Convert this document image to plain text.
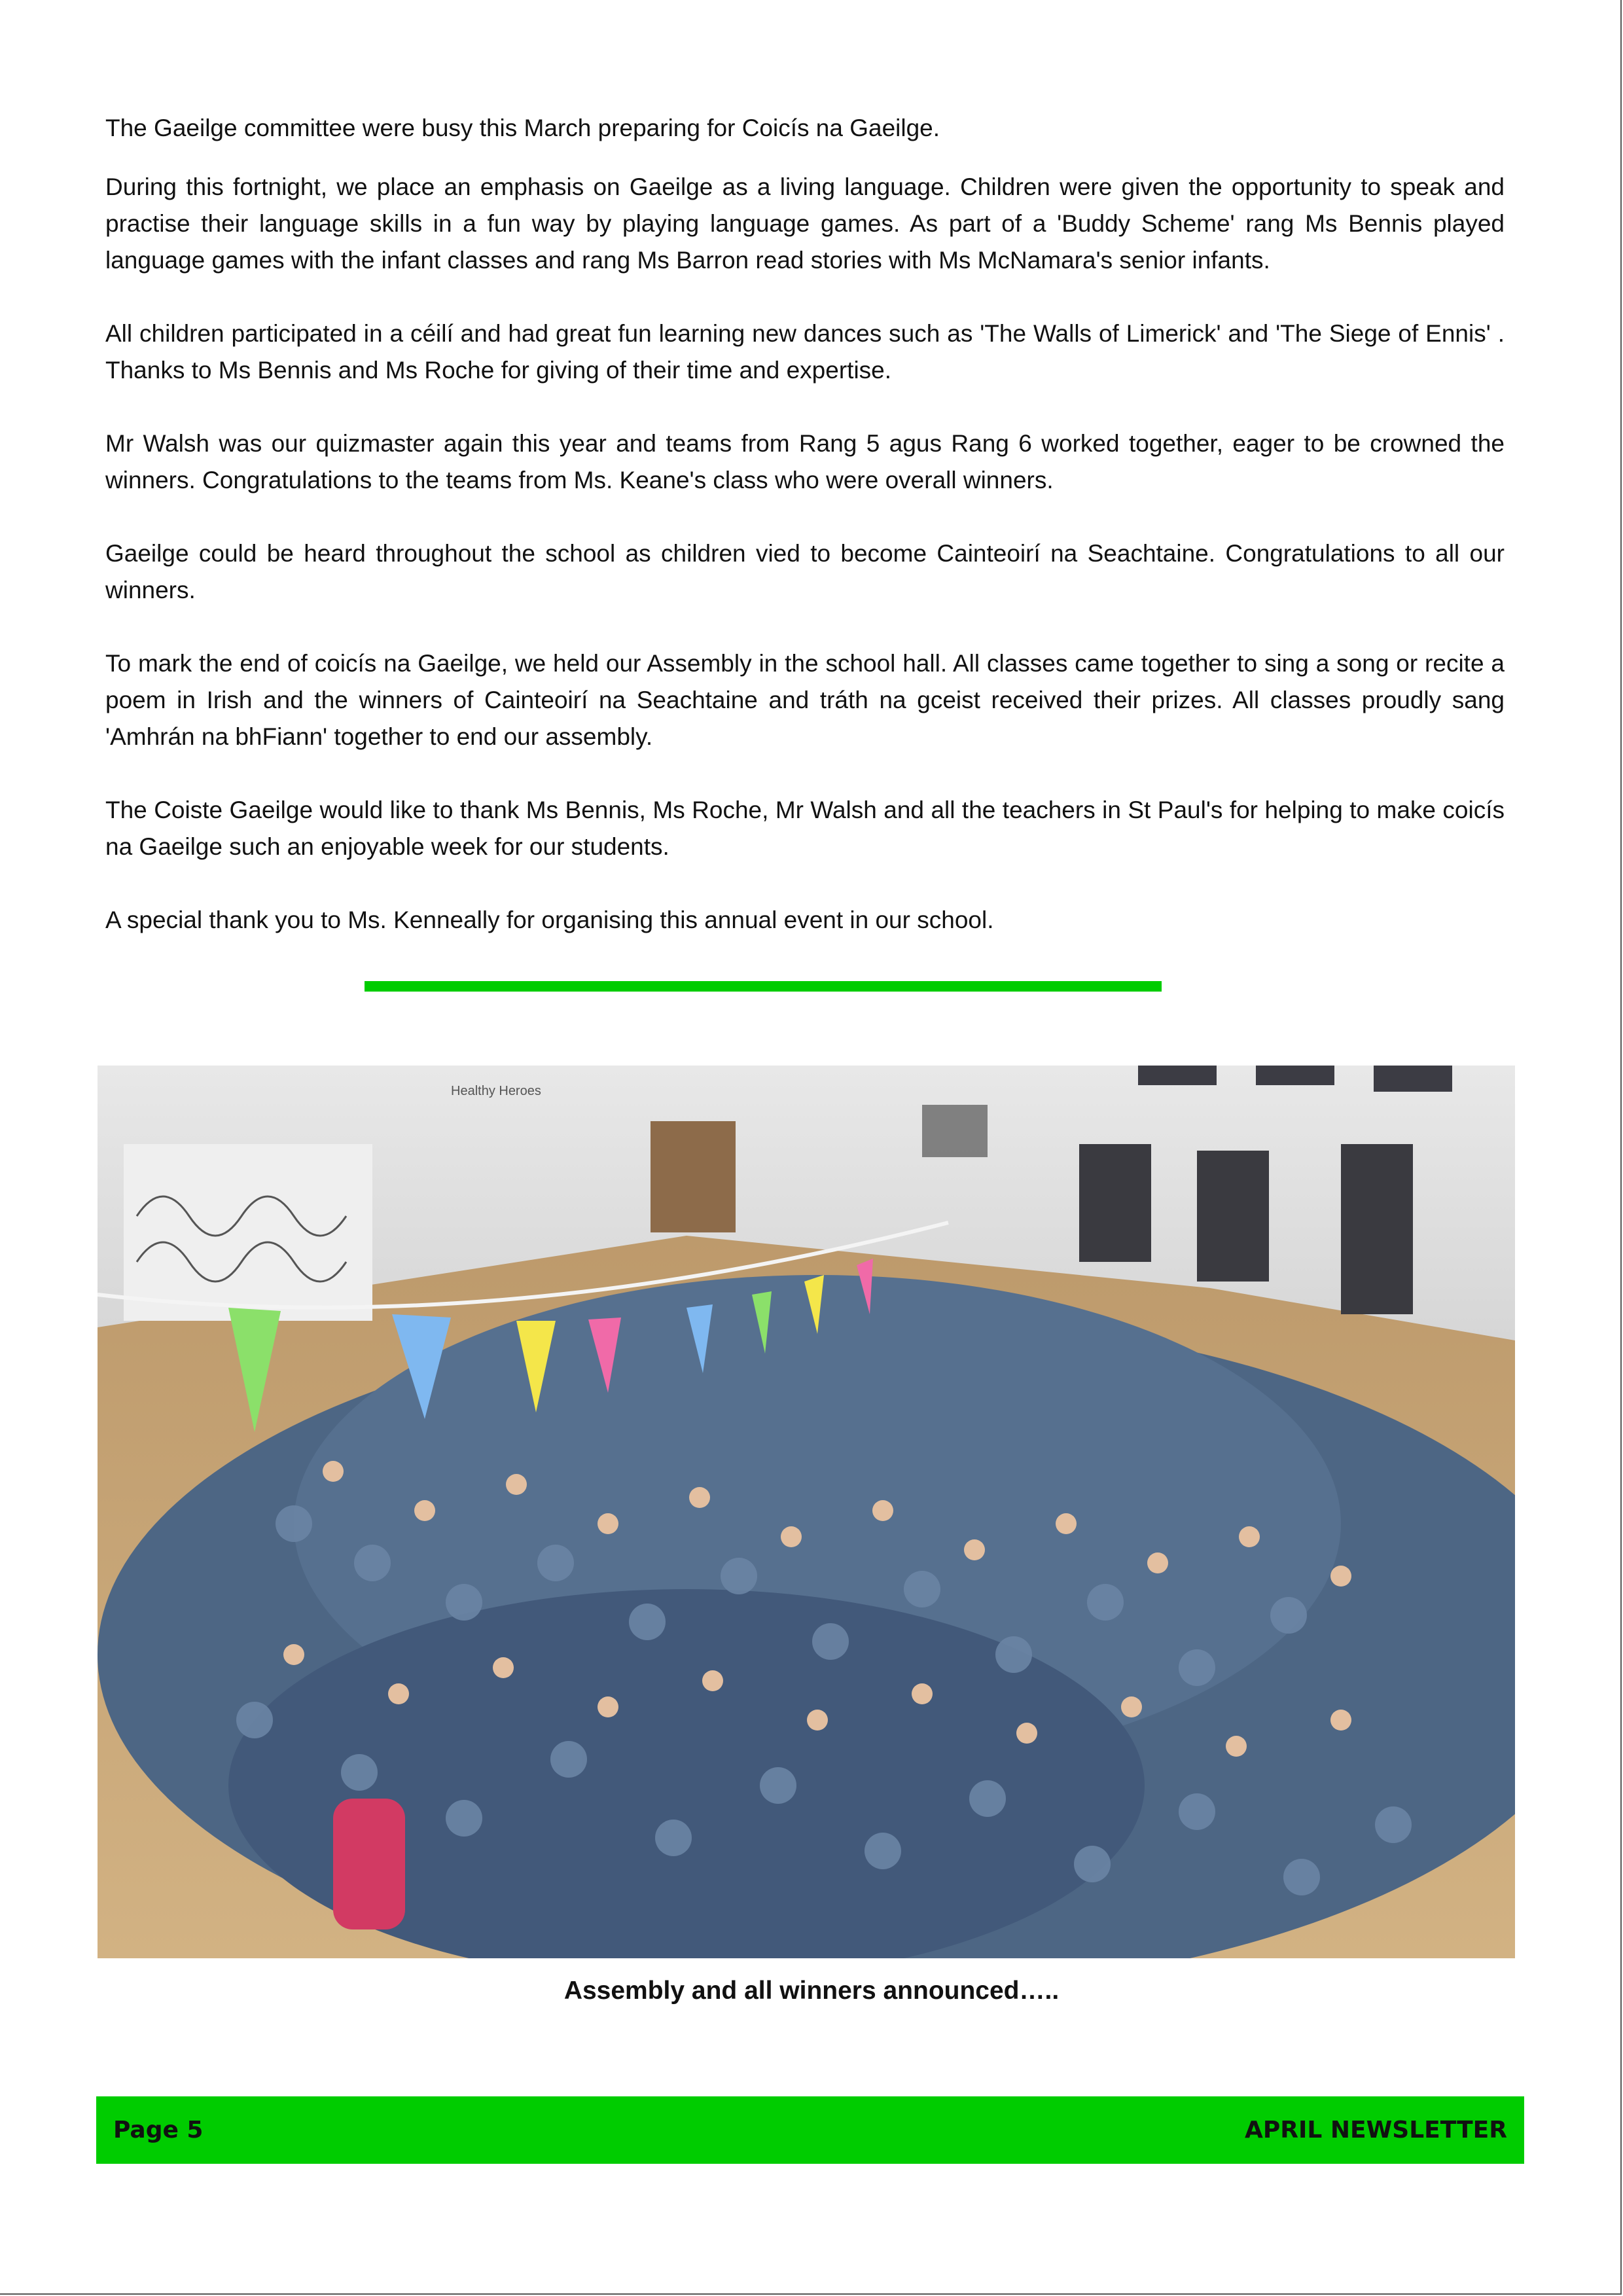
The Gaeilge committee were busy this March preparing for Coicís na Gaeilge.

During this fortnight, we place an emphasis on Gaeilge as a living language. Children were given the opportunity to speak and practise their language skills in a fun way by playing language games. As part of a 'Buddy Scheme' rang Ms Bennis played language games with the infant classes and rang Ms Barron read stories with Ms McNamara's senior infants.

All children participated in a céilí and had great fun learning new dances such as 'The Walls of Limerick' and 'The Siege of Ennis' . Thanks to Ms Bennis and Ms Roche for giving of their time and expertise.

Mr Walsh was our quizmaster again this year and teams from Rang 5 agus Rang 6 worked together, eager to be crowned the winners. Congratulations to the teams from Ms. Keane's class who were overall winners.

Gaeilge could be heard throughout the school as children vied to become Cainteoirí na Seachtaine. Congratulations to all our winners.

To mark the end of coicís na Gaeilge, we held our Assembly in the school hall. All classes came together to sing a song or recite a poem in Irish and the winners of Cainteoirí na Seachtaine and tráth na gceist received their prizes. All classes proudly sang 'Amhrán na bhFiann' together to end our assembly.

The Coiste Gaeilge would like to thank Ms Bennis, Ms Roche, Mr Walsh and all the teachers in St Paul's for helping to make coicís na Gaeilge such an enjoyable week for our students.

A special thank you to Ms. Kenneally for organising this annual event in our school.

Healthy Heroes
Assembly and all winners announced…..
Page 5	APRIL NEWSLETTER
